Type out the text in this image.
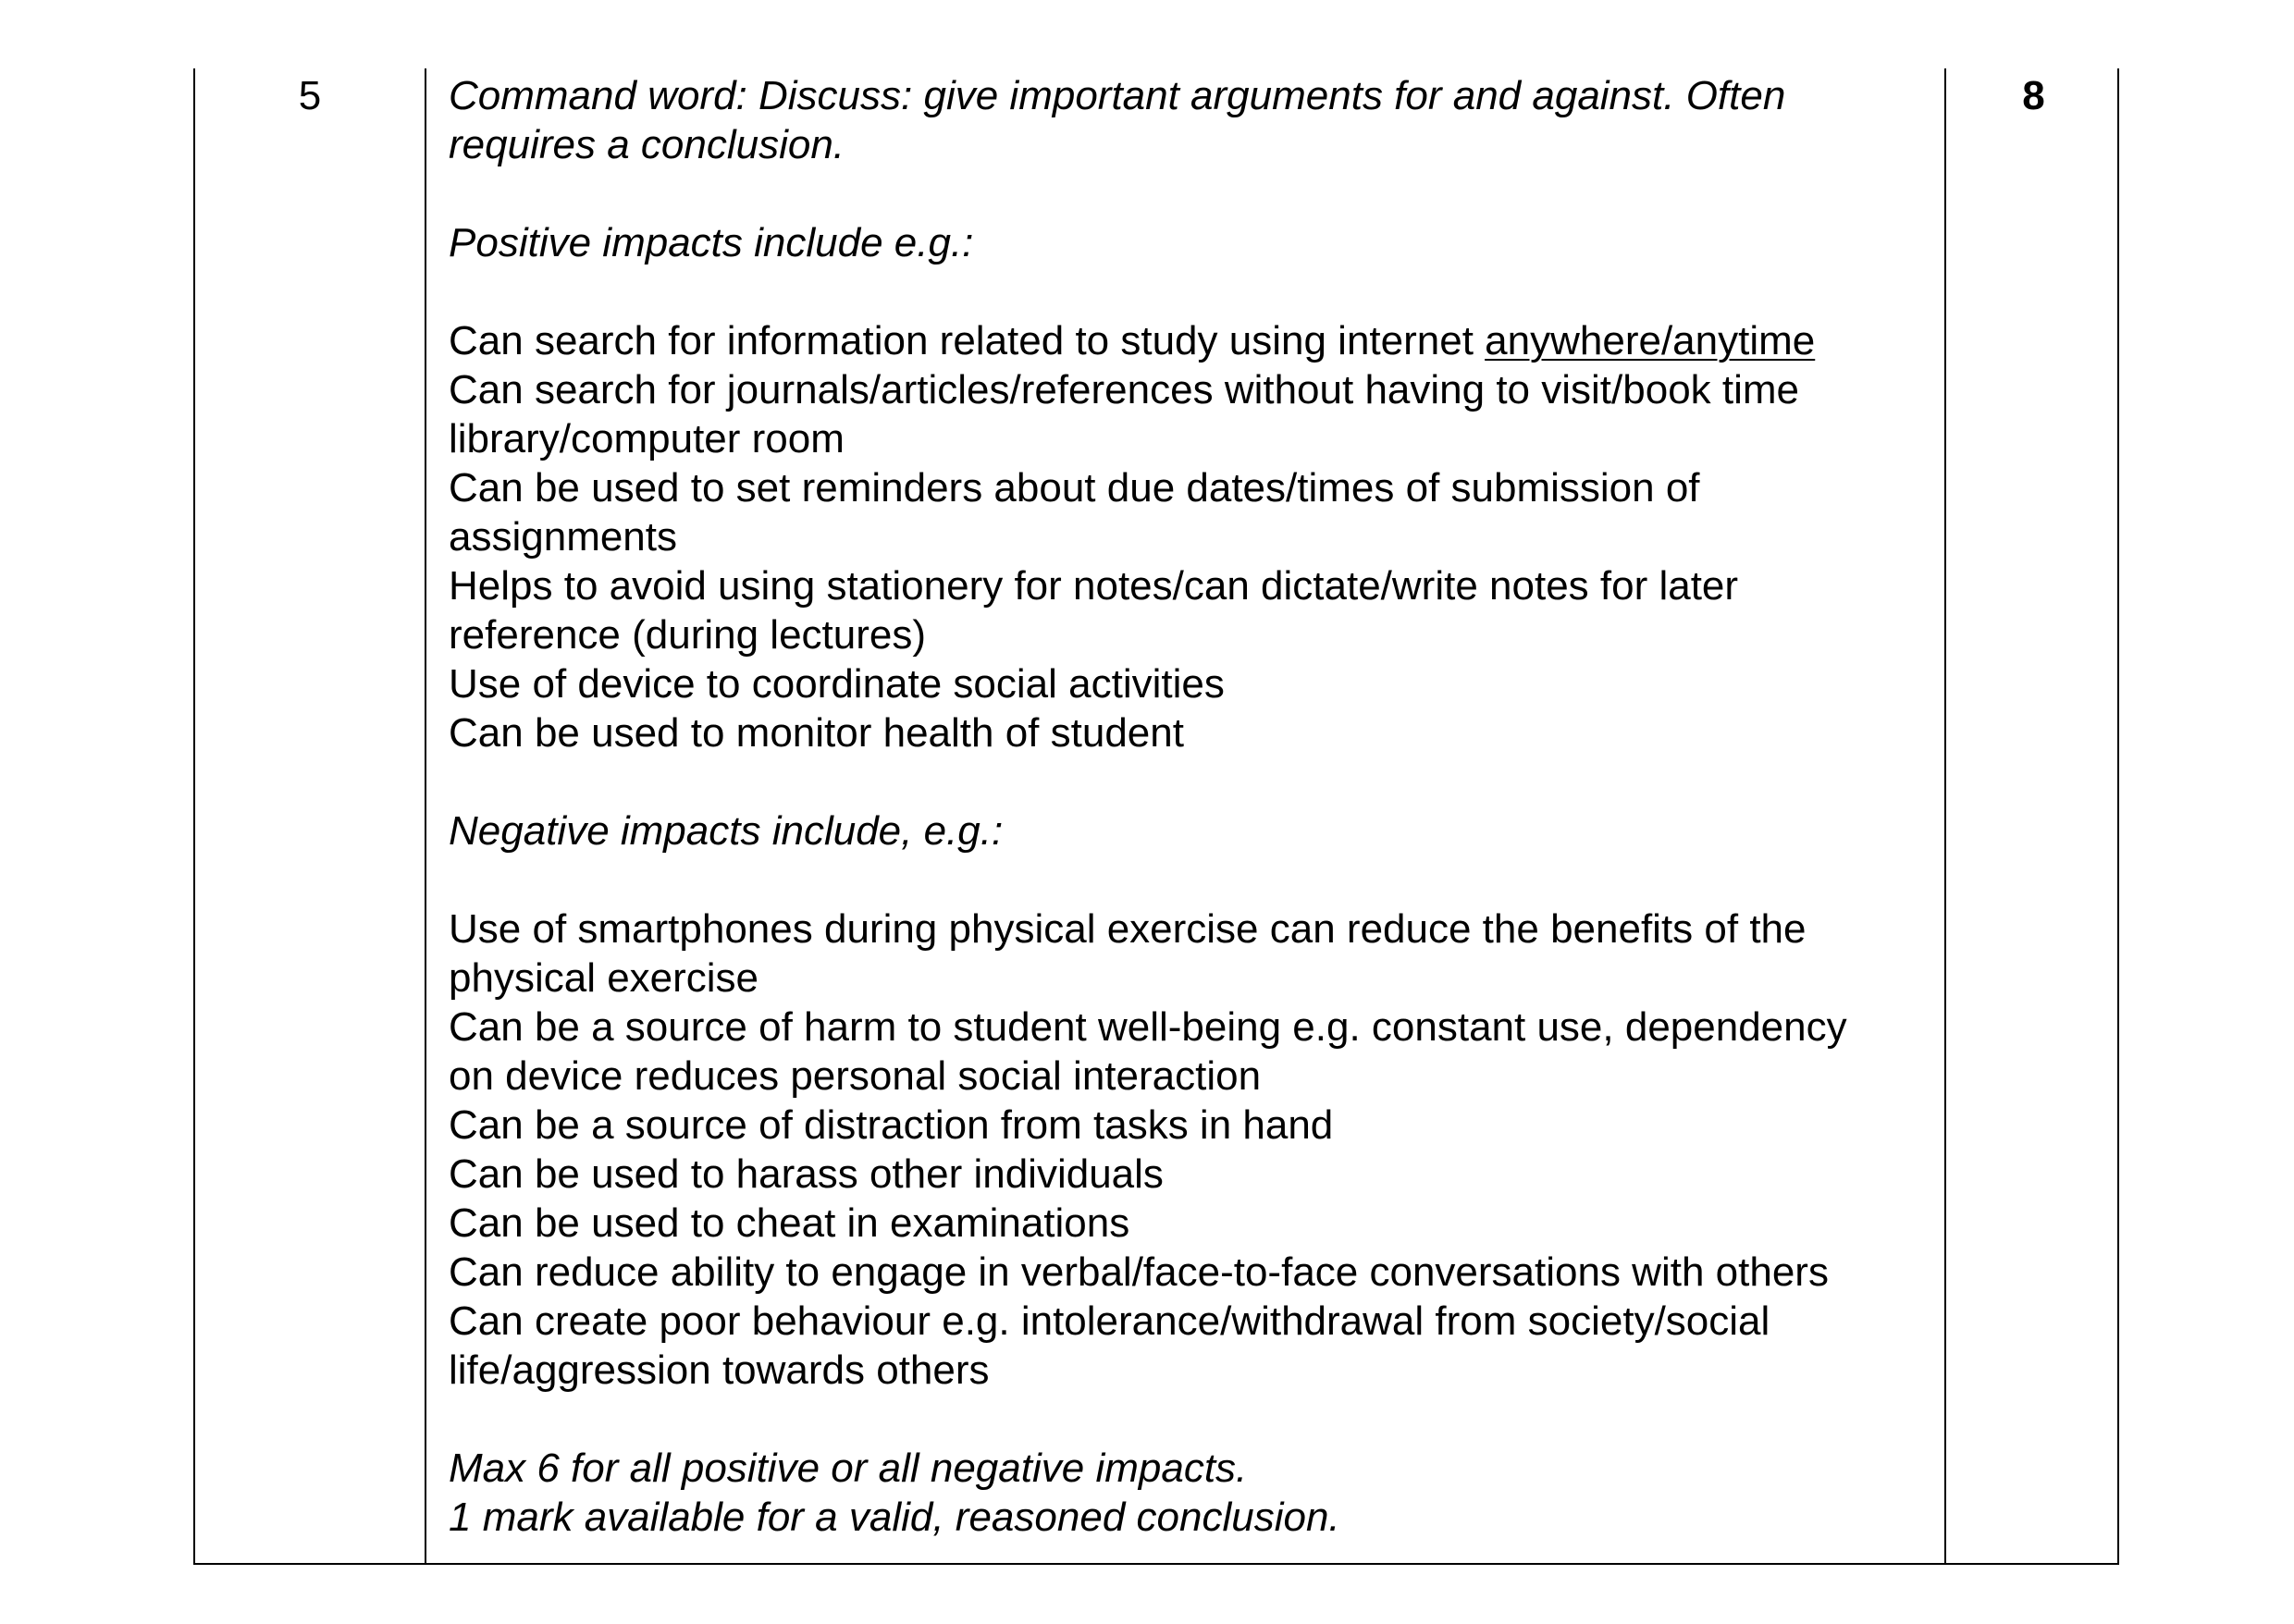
5	Command word: Discuss: give important arguments for and against. Often
requires a conclusion.
Positive impacts include e.g.:
Can search for information related to study using internet anywhere/anytime
Can search for journals/articles/references without having to visit/book time
library/computer room
Can be used to set reminders about due dates/times of submission of
assignments
Helps to avoid using stationery for notes/can dictate/write notes for later
reference (during lectures)
Use of device to coordinate social activities
Can be used to monitor health of student
Negative impacts include, e.g.:
Use of smartphones during physical exercise can reduce the benefits of the
physical exercise
Can be a source of harm to student well-being e.g. constant use, dependency
on device reduces personal social interaction
Can be a source of distraction from tasks in hand
Can be used to harass other individuals
Can be used to cheat in examinations
Can reduce ability to engage in verbal/face-to-face conversations with others
Can create poor behaviour e.g. intolerance/withdrawal from society/social
life/aggression towards others
Max 6 for all positive or all negative impacts.
1 mark available for a valid, reasoned conclusion.
8
